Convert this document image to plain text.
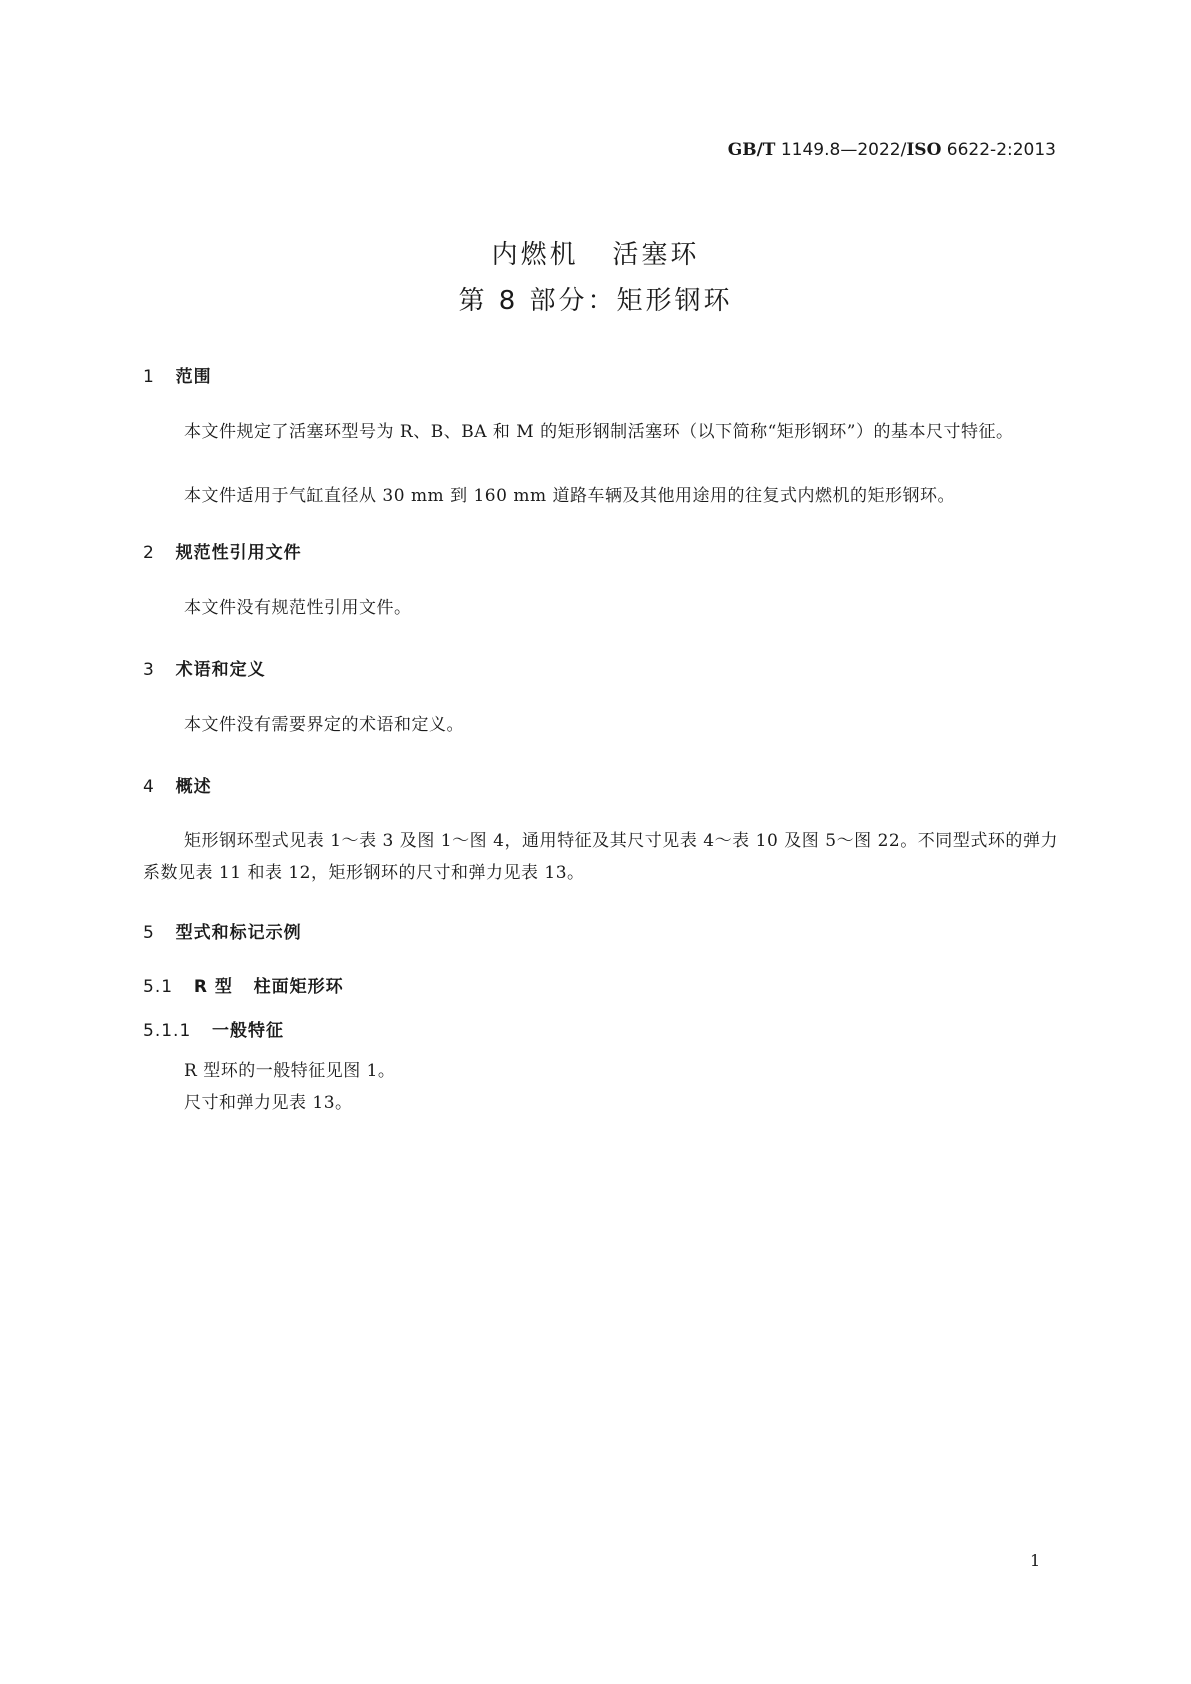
GB/T 1149.8—2022/ISO 6622-2:2013
内燃机   活塞环
第 8 部分：矩形钢环
1 范围
本文件规定了活塞环型号为 R、B、BA 和 M 的矩形钢制活塞环（以下简称“矩形钢环”）的基本尺寸特征。
本文件适用于气缸直径从 30 mm 到 160 mm 道路车辆及其他用途用的往复式内燃机的矩形钢环。
2 规范性引用文件
本文件没有规范性引用文件。
3 术语和定义
本文件没有需要界定的术语和定义。
4 概述
矩形钢环型式见表 1～表 3 及图 1～图 4，通用特征及其尺寸见表 4～表 10 及图 5～图 22。不同型式环的弹力系数见表 11 和表 12，矩形钢环的尺寸和弹力见表 13。
5 型式和标记示例
5.1 R 型   柱面矩形环
5.1.1 一般特征
R 型环的一般特征见图 1。
尺寸和弹力见表 13。
1
